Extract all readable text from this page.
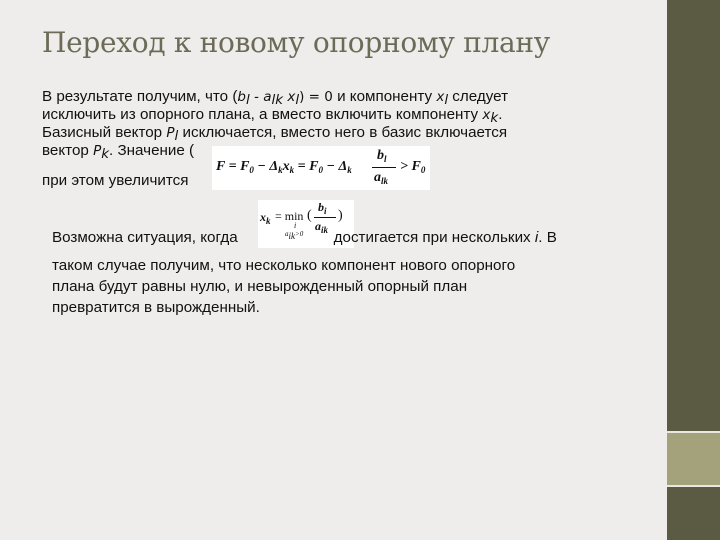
Переход к новому опорному плану
В результате получим, что ($b_l - a_{lk}$ $x_l) = 0$ и компоненту $x_l$ следует
исключить из опорного плана, а вместо включить компоненту $x_k$.
Базисный вектор $P_l$ исключается, вместо него в базис включается
вектор $P_k$. Значение (
при этом увеличится
$F = F_0 - \Delta_kx_k = F_0 - \Delta_k$
$b_l$
$a_{lk}$
> $F_0$
$x_k = \min$
i
$a_{ik}>0$
(
$b_i$
$a_{ik}$
)
Возможна ситуация, когда	достигается при нескольких i. В
таком случае получим, что несколько компонент нового опорного
плана будут равны нулю, и невырожденный опорный план
превратится в вырожденный.
